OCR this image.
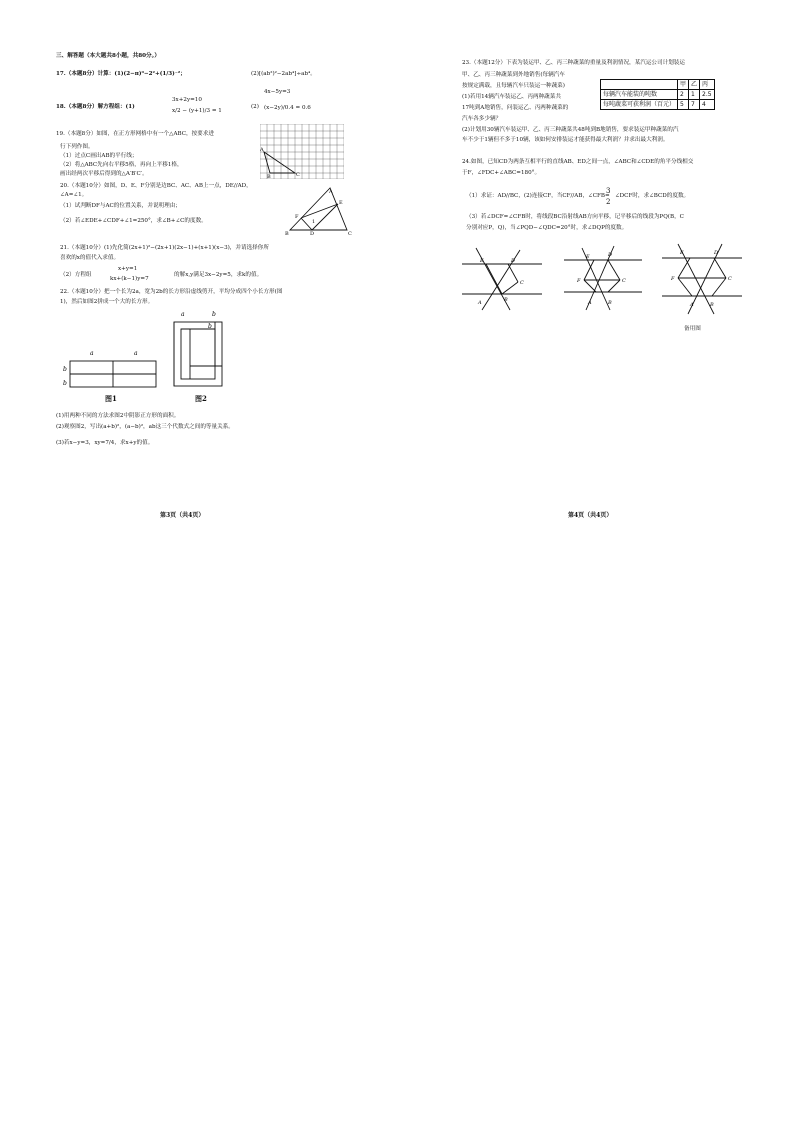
三、解答题（本大题共8小题，共80分。）
17.（本题8分）计算：(1)(2−π)⁰−2²+(1/3)⁻²；	(2)[(ab²)²−2ab⁴]÷ab⁴。
18.（本题8分）解方程组：(1)
3x+2y=10
x/2 − (y+1)/3 = 1
(2)
4x−5y=3
(x−2y)/0.4 = 0.6
19.（本题8分）如图，在正方形网格中有一个△ABC，按要求进
行下列作图。
（1）过点C画出AB的平行线；
（2）将△ABC先向右平移5格，再向上平移1格，
画出经两次平移后得到的△A′B′C′。
A
B	C
20.（本题10分）如图，D、E、F分别是边BC、AC、AB上一点，DE//AD，
∠A=∠1。
（1）试判断DF与AC的位置关系，并说明理由；
（2）若∠EDE+∠CDF+∠1=250°，求∠B+∠C的度数。
A
B	C
D
E
F
1
21.（本题10分）(1)先化简(2x+1)²−(2x+1)(2x−1)+(x+1)(x−3)，并请选择你所
喜欢的x的值代入求值。
（2）方程组
x+y=1
kx+(k−1)y=7
的解x,y满足3x−2y=5，求k的值。
22.（本题10分）把一个长为2a，宽为2b的长方形沿虚线剪开，平均分成四个小长方形(图
1)，然后如图2拼成一个大的长方形。
a	a
b
b
图1
a	b
b
图2
(1)用两种不同的方法求图2中阴影正方形的面积。
(2)观察图2，写出(a+b)²，(a−b)²，ab这三个代数式之间的等量关系。
(3)若x−y=3，xy=7/4，求x+y的值。
第3页（共4页）
23.（本题12分）下表为装运甲、乙、丙三种蔬菜的重量及利润情况，某汽运公司计划装运
甲、乙、丙三种蔬菜到外地销售(每辆汽车
按规定满载，且每辆汽车只装运一种蔬菜)
(1)若用14辆汽车装运乙、丙两种蔬菜共
17吨到A地销售，问装运乙、丙两种蔬菜的
汽车各多少辆？
(2)计划用30辆汽车装运甲、乙、丙三种蔬菜共48吨到B地销售，要求装运甲种蔬菜的汽
车不少于1辆但不多于10辆，该如何安排装运才能获得最大利润？并求出最大利润。
	甲	乙	丙
每辆汽车能装的吨数	2	1	2.5
每吨蔬菜可获利润（百元）	5	7	4
24.如图，已知CD为两条互相平行的直线AB、ED之间一点，∠ABC和∠CDE的角平分线相交
于F，∠FDC+∠ABC=180°。
（1）求证：AD//BC，(2)连接CF，当CF//AB，∠CFB=
3
2
∠DCF时，求∠BCD的度数。
（3）若∠DCF=∠CFB时，将线段BC沿射线AB方向平移，记平移后的线段为PQ(B，C
分别对应P，Q)，当∠PQD−∠QDC=20°时，求∠DQP的度数。
E	D
C
B
A
E	D
F	C
A	B
E	D
F	C
A	B
备用图
第4页（共4页）
